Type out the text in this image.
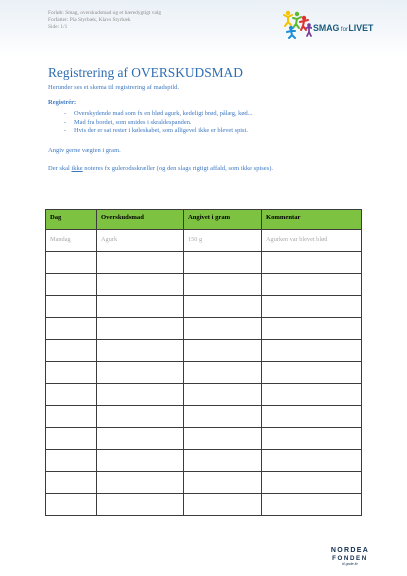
Forløb: Smag, overskudsmad og et bæredygtigt valg
Forfatter: Pia Styrbæk, Klavs Styrbæk
Side: 1/1	SMAG forLIVET
Registrering af OVERSKUDSMAD
Herunder ses et skema til registrering af madspild.
Registrér:
- Overskydende mad som fx en blød agurk, kedeligt brød, pålæg, kød...
- Mad fra bordet, som smides i skraldespanden.
- Hvis der er sat rester i køleskabet, som alligevel ikke er blevet spist.
Angiv gerne vægten i gram.
Der skal ikke noteres fx gulerodsskræller (og den slags rigtigt affald, som ikke spises).
Dag	Overskudsmad	Angivet i gram	Kommentar
Mandag	Agurk	150 g	Agurken var blevet blød

NORDEA
FONDEN
til gode liv
